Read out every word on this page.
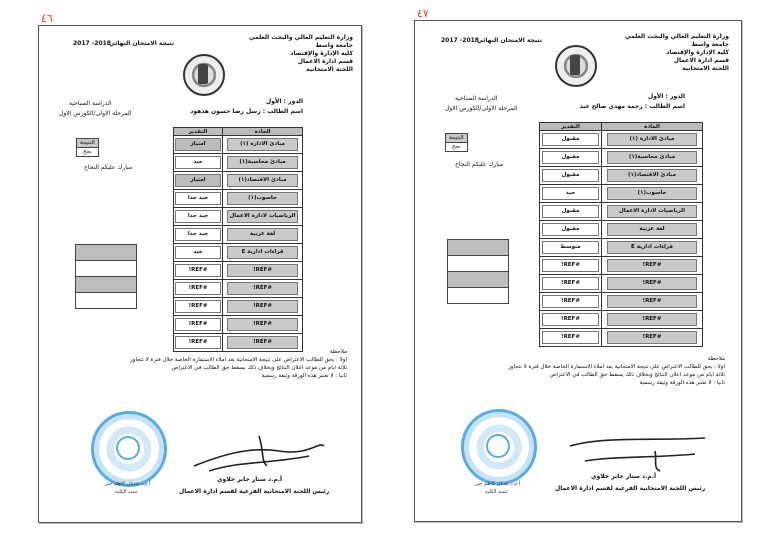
٤٦
وزارة التعليم العالي والبحث العلمي
جامعة واسط
كلية الإدارة والإقتصاد
قسم ادارة الاعمال
اللجنة الامتحانية
نتيجة الامتحان النهائي
2017 -2018
الدور : الأول
اسم الطالب : رسل رضا حسون هدهود
الدراسة الصباحية
المرحلة الاولى/الكورس الاول
النتيجة
نجح
مبارك عليكم النجاح
المادة	التقدير

مبادئ الادارة (١)	امتياز

مبادئ محاسبة(١)	جيد

مبادئ الاقتصاد(١)	امتياز

حاسوب(١)	جيد جدا

الرياضيات لادارة الاعمال	جيد جدا

لغة عربية	جيد جدا

قراءات ادارية E	جيد

#REF!	#REF!

#REF!	#REF!

#REF!	#REF!

#REF!	#REF!

#REF!	#REF!

ملاحظة
اولا : يحق للطالب الاعتراض على نتيجة الامتحانية بعد املاء الاستمارة الخاصة خلال فترة لا تتجاوز
ثلاثة ايام من موعد اعلان النتائج وبخلاف ذلك يسقط حق الطالب في الاعتراض
ثانيا : لا تعتبر هذه الورقة وثيقة رسمية
أ.م.د عدنان كاظم جبر
عميد الكلية
أ.م.د ستار جابر خلاوي
رئيس اللجنة الامتحانية الفرعية لقسم ادارة الاعمال
٤٧
وزارة التعليم العالي والبحث العلمي
جامعة واسط
كلية الإدارة والإقتصاد
قسم ادارة الاعمال
اللجنة الامتحانية
نتيجة الامتحان النهائي
2017 -2018
الدور : الأول
اسم الطالب : رحمة مهدي صالح عبد
الدراسة الصباحية
المرحلة الاولى/الكورس الاول
النتيجة
نجح
مبارك عليكم النجاح
المادة	التقدير

مبادئ الادارة (١)	مقبول

مبادئ محاسبة(١)	مقبول

مبادئ الاقتصاد(١)	مقبول

حاسوب(١)	جيد

الرياضيات لادارة الاعمال	مقبول

لغة عربية	مقبول

قراءات ادارية E	متوسط

#REF!	#REF!

#REF!	#REF!

#REF!	#REF!

#REF!	#REF!

#REF!	#REF!

ملاحظة
اولا : يحق للطالب الاعتراض على نتيجة الامتحانية بعد املاء الاستمارة الخاصة خلال فترة لا تتجاوز
ثلاثة ايام من موعد اعلان النتائج وبخلاف ذلك يسقط حق الطالب في الاعتراض
ثانيا : لا تعتبر هذه الورقة وثيقة رسمية
أ.م.د عدنان كاظم جبر
عميد الكلية
أ.م.د ستار جابر خلاوي
رئيس اللجنة الامتحانية الفرعية لقسم ادارة الاعمال
